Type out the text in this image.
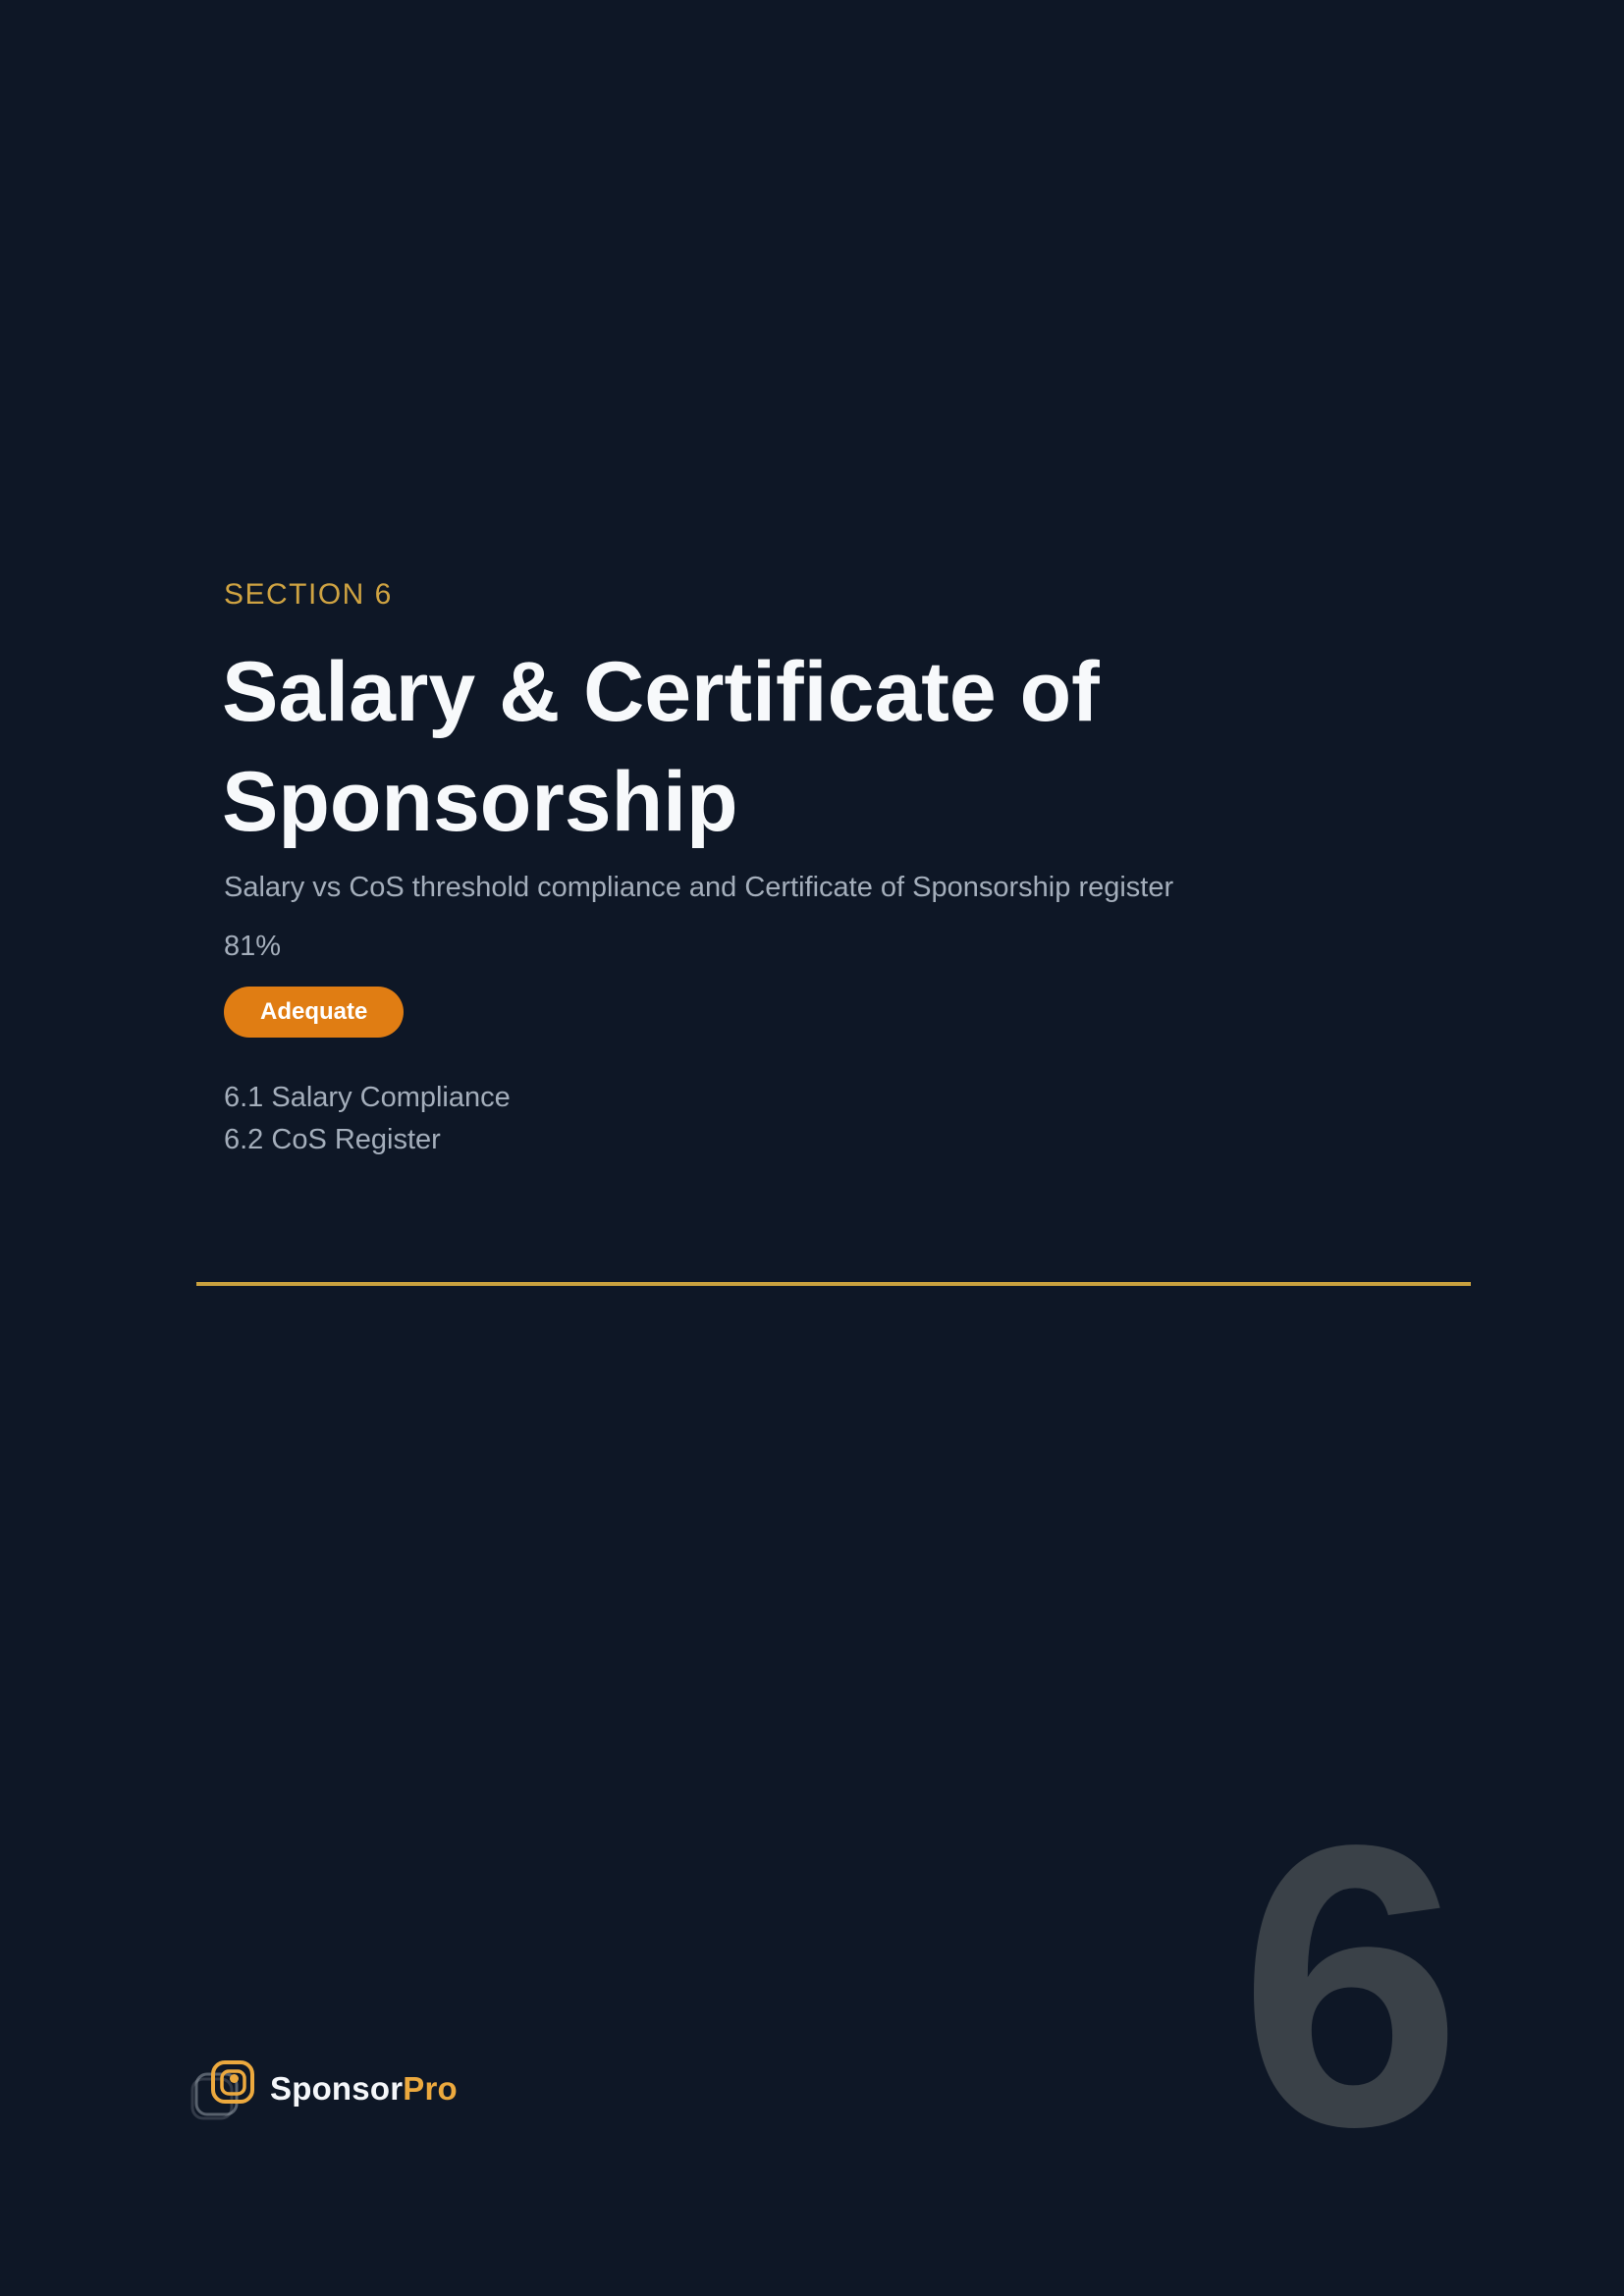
SECTION 6
Salary & Certificate of Sponsorship
Salary vs CoS threshold compliance and Certificate of Sponsorship register
81%
Adequate
6.1 Salary Compliance
6.2 CoS Register
6
SponsorPro
